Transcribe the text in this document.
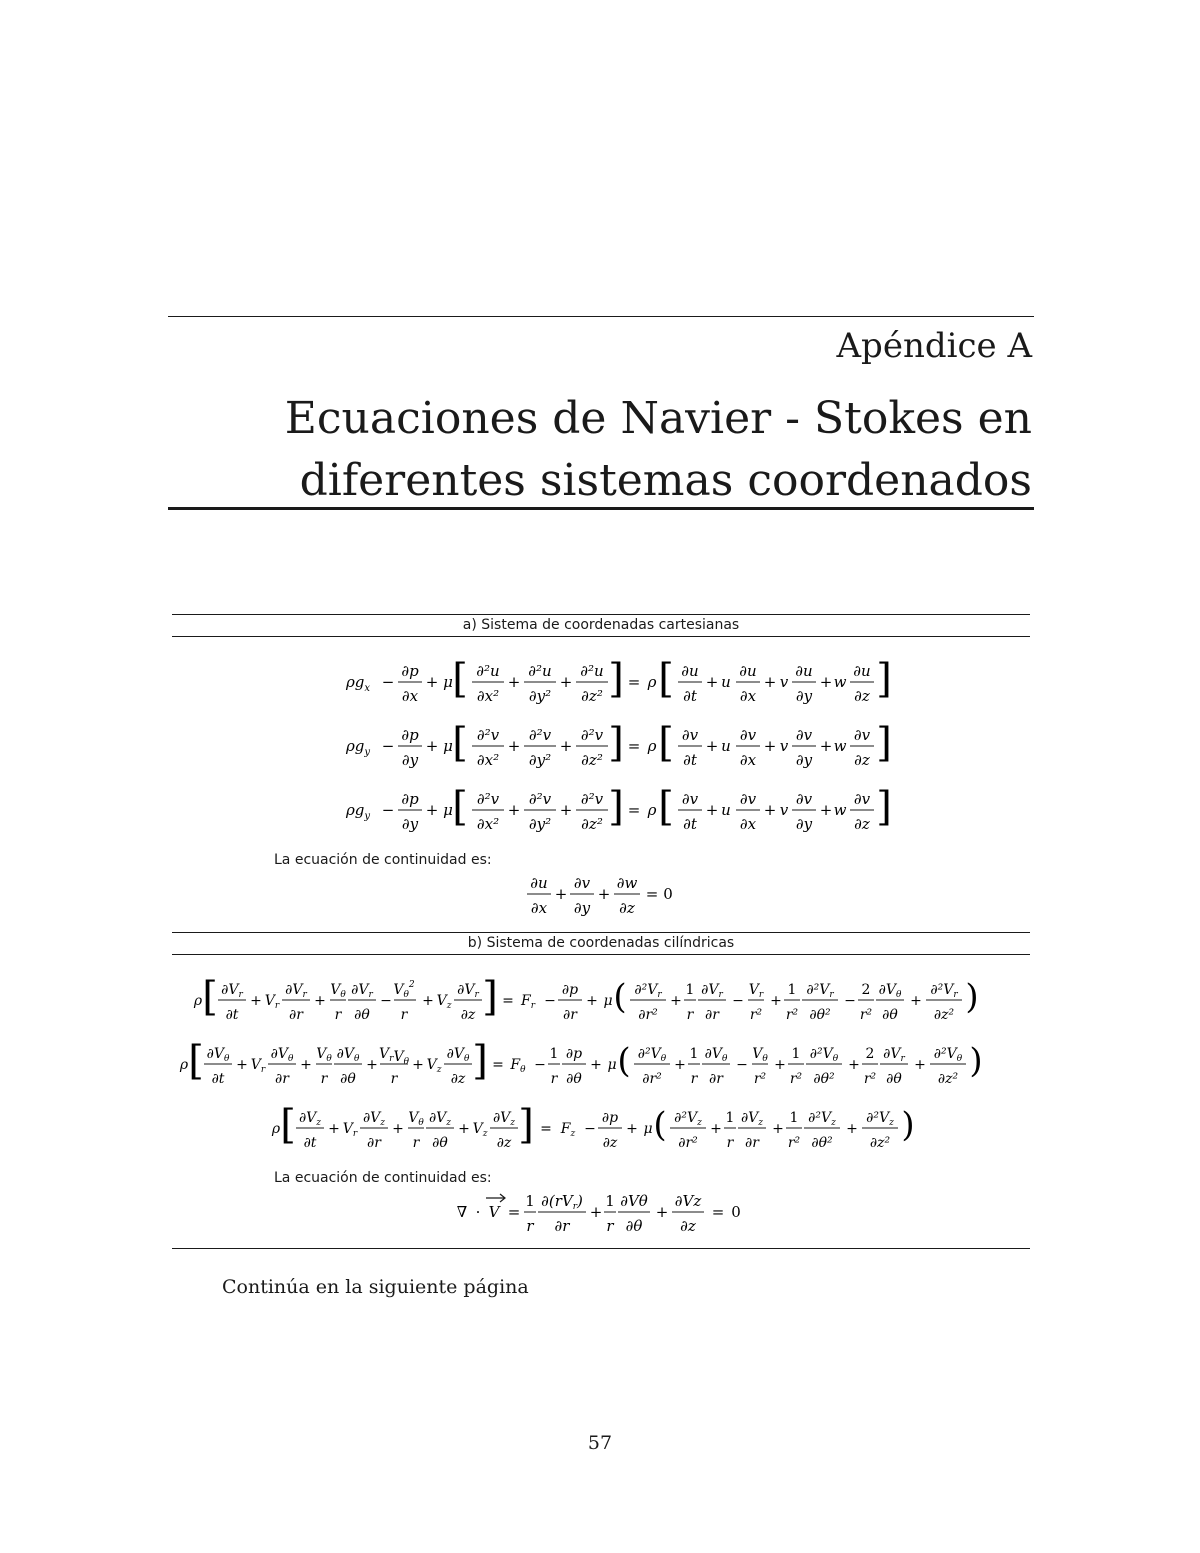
Apéndice A
Ecuaciones de Navier - Stokes en
diferentes sistemas coordenados
a) Sistema de coordenadas cartesianas
$\rho g_x$ −
∂p
∂x
+ μ [ ∂²u
∂x²
+
∂²u
∂y²
+
∂²u
∂z² ] = ρ [ ∂u
∂t
+ u
∂u
∂x
+ v
∂u
∂y
+ w
∂u
∂z ]
$\rho g_y$ −
∂p
∂y
+ μ [ ∂²v
∂x²
+
∂²v
∂y²
+
∂²v
∂z² ] = ρ [ ∂v
∂t
+ u
∂v
∂x
+ v
∂v
∂y
+ w
∂v
∂z ]
$\rho g_y$ −
∂p
∂y
+ μ [ ∂²v
∂x²
+
∂²v
∂y²
+
∂²v
∂z² ] = ρ [ ∂v
∂t
+ u
∂v
∂x
+ v
∂v
∂y
+ w
∂v
∂z ]
La ecuación de continuidad es:
∂u
∂x
+
∂v
∂y
+
∂w
∂z
= 0
b) Sistema de coordenadas cilíndricas
ρ [ $\partial V_r$
∂t
+ $V_r$
$\partial V_r$
∂r
+
$V_\theta$
r
$\partial V_r$
∂θ
−
$V_\theta^2$
r
+ $V_z$
$\partial V_r$
∂z ] = $F_r$ −
∂p
∂r
+ μ ( $\partial^2V_r$
∂r²
+
1
r
$\partial V_r$
∂r
−
$V_r$
r²
+
1
r²
$\partial^2V_r$
∂θ²
−
2
r²
$\partial V_\theta$
∂θ
+
$\partial^2V_r$
∂z² )
ρ [ $\partial V_\theta$
∂t
+ $V_r$
$\partial V_\theta$
∂r
+
$V_\theta$
r
$\partial V_\theta$
∂θ
+
$V_rV_\theta$
r
+ $V_z$
$\partial V_\theta$
∂z ] = $F_\theta$ −
1
r
∂p
∂θ
+ μ ( $\partial^2V_\theta$
∂r²
+
1
r
$\partial V_\theta$
∂r
−
$V_\theta$
r²
+
1
r²
$\partial^2V_\theta$
∂θ²
+
2
r²
$\partial V_r$
∂θ
+
$\partial^2V_\theta$
∂z² )
ρ [ $\partial V_z$
∂t
+ $V_r$
$\partial V_z$
∂r
+
$V_\theta$
r
$\partial V_z$
∂θ
+ $V_z$
$\partial V_z$
∂z ] = $F_z$ −
∂p
∂z
+ μ ( $\partial^2V_z$
∂r²
+
1
r
$\partial V_z$
∂r
+
1
r²
$\partial^2V_z$
∂θ²
+
$\partial^2V_z$
∂z² )
La ecuación de continuidad es:
∇ · V =
1
r
$\partial(rV_r)$
∂r
+
1
r
∂Vθ
∂θ
+
∂Vz
∂z
= 0
Continúa en la siguiente página
57
